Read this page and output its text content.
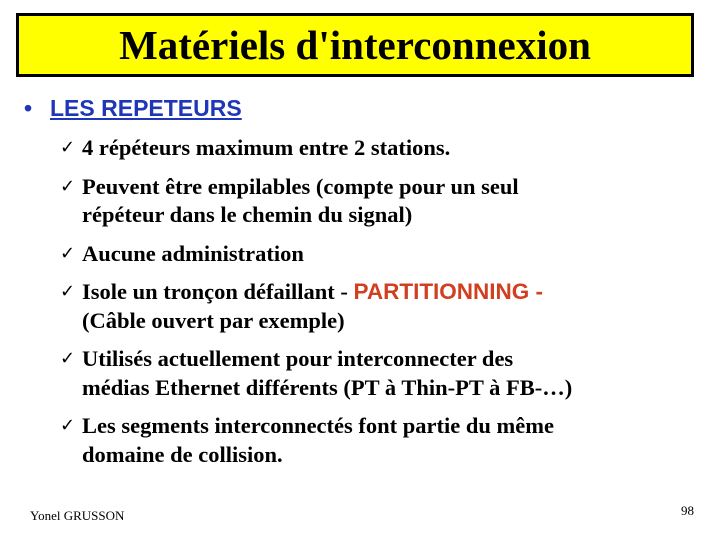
Matériels d'interconnexion
• LES REPETEURS
✓ 4 répéteurs maximum entre 2 stations.
✓ Peuvent être empilables (compte pour un seul
répéteur dans le chemin du signal)
✓ Aucune administration
✓ Isole un tronçon défaillant - PARTITIONNING -
(Câble ouvert par exemple)
✓ Utilisés actuellement pour interconnecter des
médias Ethernet différents (PT à Thin-PT à FB-…)
✓ Les segments interconnectés font partie du même
domaine de collision.
Yonel GRUSSON	98
